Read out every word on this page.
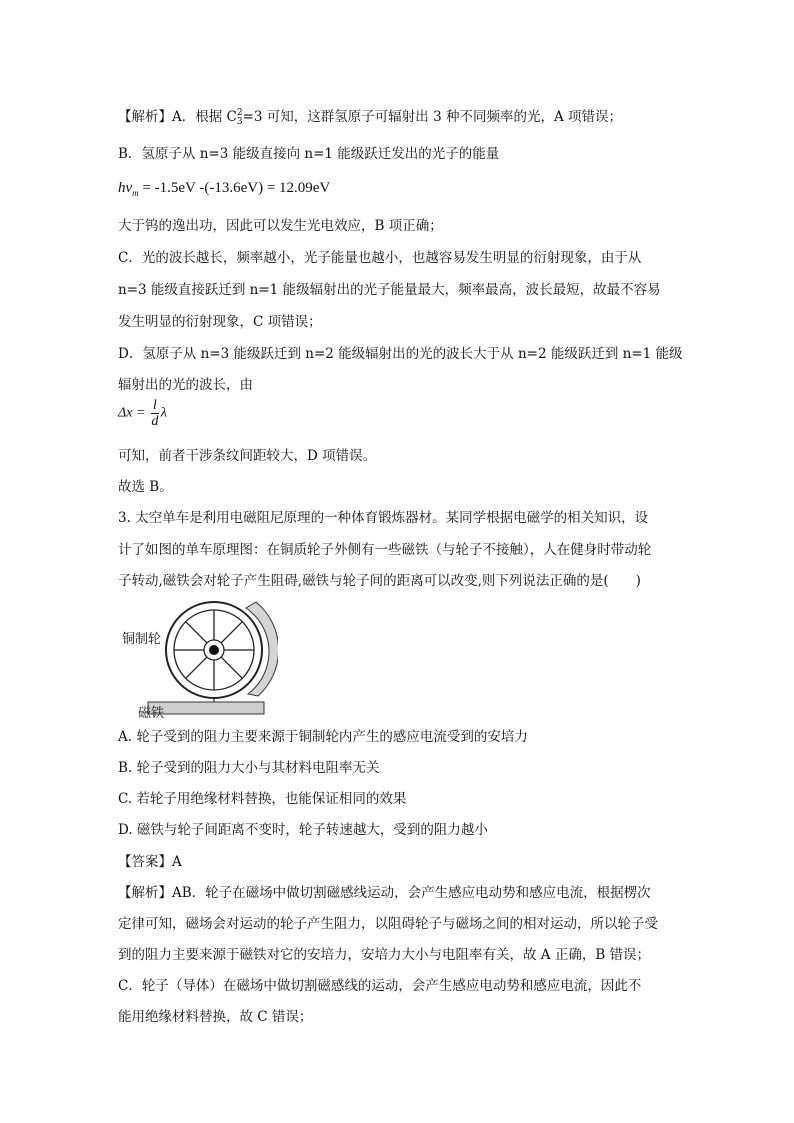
【解析】A．根据 C 2
3 =3 可知，这群氢原子可辐射出 3 种不同频率的光，A 项错误；
B．氢原子从 n=3 能级直接向 n=1 能级跃迁发出的光子的能量
$h\nu_m = -1.5eV$ -(-13.6eV) = 12.09eV
大于钨的逸出功，因此可以发生光电效应，B 项正确；
C．光的波长越长，频率越小，光子能量也越小，也越容易发生明显的衍射现象，由于从
n=3 能级直接跃迁到 n=1 能级辐射出的光子能量最大，频率最高，波长最短，故最不容易
发生明显的衍射现象，C 项错误；
D．氢原子从 n=3 能级跃迁到 n=2 能级辐射出的光的波长大于从 n=2 能级跃迁到 n=1 能级
辐射出的光的波长，由
$\Delta x = \frac{l}{d}$ λ
可知，前者干涉条纹间距较大，D 项错误。
故选 B。
3. 太空单车是利用电磁阻尼原理的一种体育锻炼器材。某同学根据电磁学的相关知识，设
计了如图的单车原理图：在铜质轮子外侧有一些磁铁（与轮子不接触），人在健身时带动轮
子转动,磁铁会对轮子产生阻碍,磁铁与轮子间的距离可以改变,则下列说法正确的是(　　)
铜制轮
磁铁
A. 轮子受到的阻力主要来源于铜制轮内产生的感应电流受到的安培力
B. 轮子受到的阻力大小与其材料电阻率无关
C. 若轮子用绝缘材料替换，也能保证相同的效果
D. 磁铁与轮子间距离不变时，轮子转速越大，受到的阻力越小
【答案】A
【解析】AB．轮子在磁场中做切割磁感线运动，会产生感应电动势和感应电流，根据楞次
定律可知，磁场会对运动的轮子产生阻力，以阻碍轮子与磁场之间的相对运动，所以轮子受
到的阻力主要来源于磁铁对它的安培力，安培力大小与电阻率有关，故 A 正确，B 错误；
C．轮子（导体）在磁场中做切割磁感线的运动，会产生感应电动势和感应电流，因此不
能用绝缘材料替换，故 C 错误；
